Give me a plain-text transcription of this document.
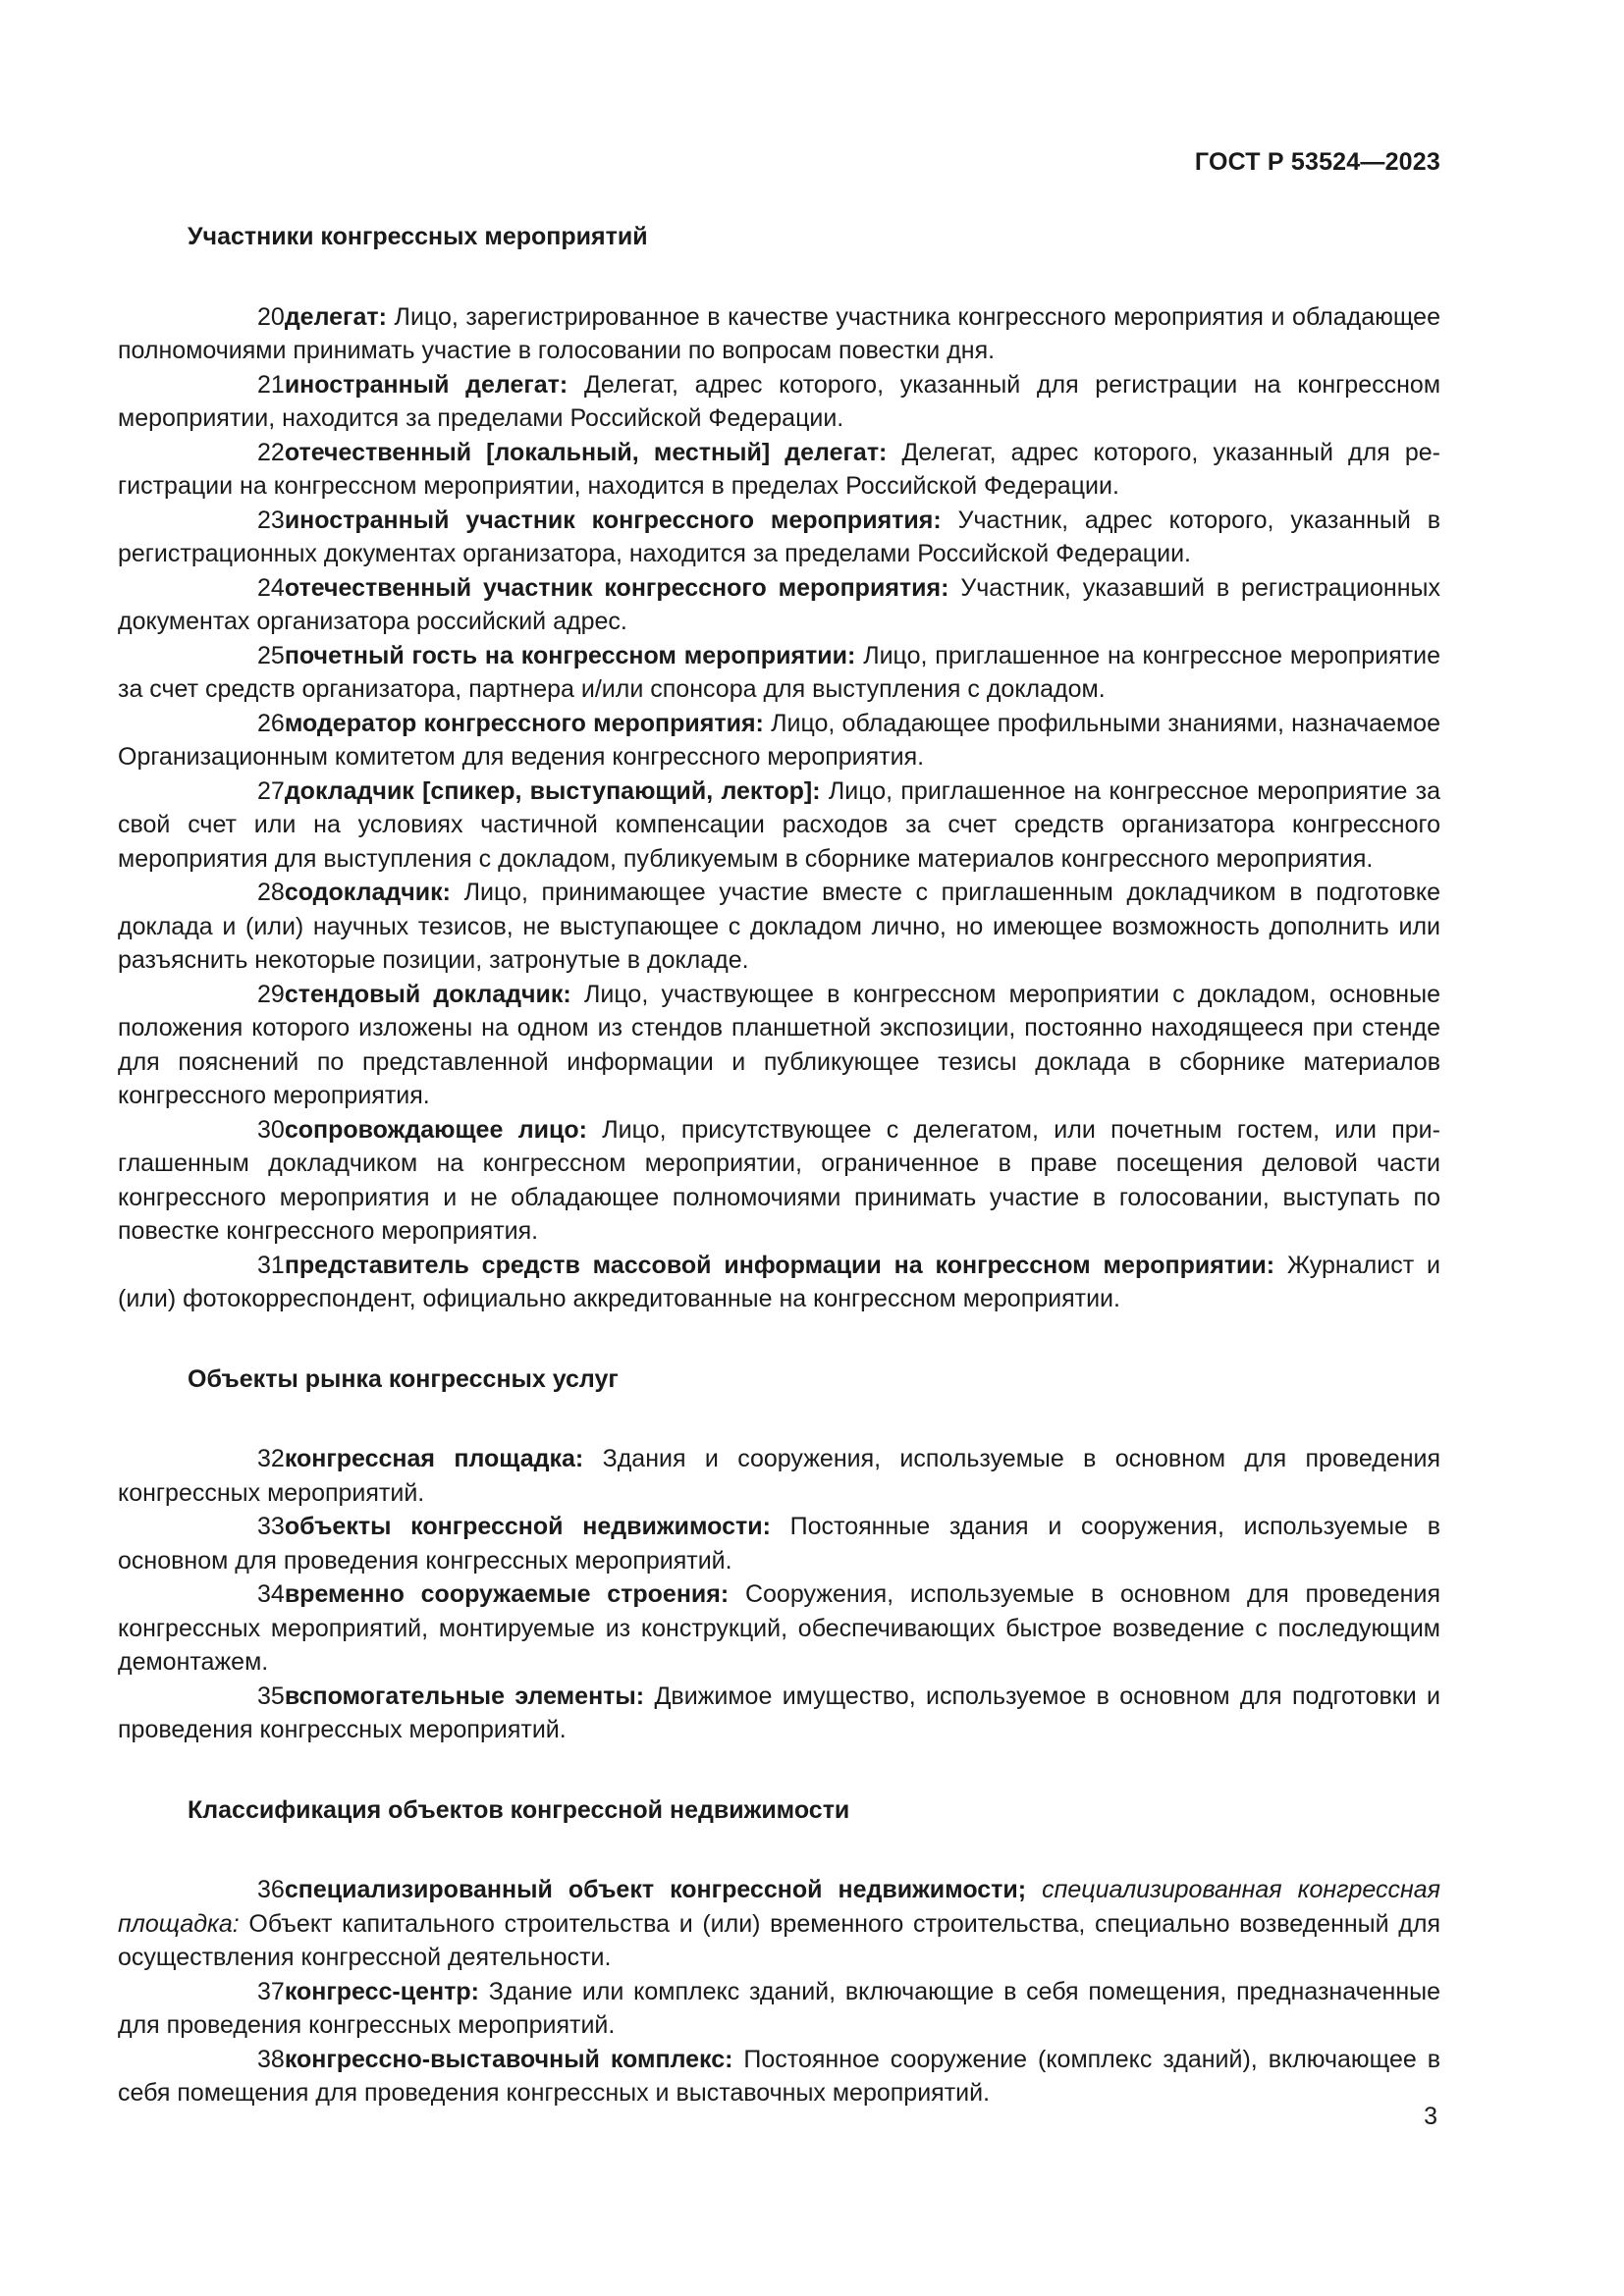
ГОСТ Р 53524—2023
Участники конгрессных мероприятий

20делегат: Лицо, зарегистрированное в качестве участника конгрессного мероприятия и обладающее полномочиями принимать участие в голосовании по вопросам повестки дня.

21иностранный делегат: Делегат, адрес которого, указанный для регистрации на конгрессном мероприятии, находится за пределами Российской Федерации.

22отечественный [локальный, местный] делегат: Делегат, адрес которого, указанный для регистрации на конгрессном мероприятии, находится в пределах Российской Федерации.

23иностранный участник конгрессного мероприятия: Участник, адрес которого, указанный в регистрационных документах организатора, находится за пределами Российской Федерации.

24отечественный участник конгрессного мероприятия: Участник, указавший в регистрационных документах организатора российский адрес.

25почетный гость на конгрессном мероприятии: Лицо, приглашенное на конгрессное мероприятие за счет средств организатора, партнера и/или спонсора для выступления с докладом.

26модератор конгрессного мероприятия: Лицо, обладающее профильными знаниями, назначаемое Организационным комитетом для ведения конгрессного мероприятия.

27докладчик [спикер, выступающий, лектор]: Лицо, приглашенное на конгрессное мероприятие за свой счет или на условиях частичной компенсации расходов за счет средств организатора конгрессного мероприятия для выступления с докладом, публикуемым в сборнике материалов конгрессного мероприятия.

28содокладчик: Лицо, принимающее участие вместе с приглашенным докладчиком в подготовке доклада и (или) научных тезисов, не выступающее с докладом лично, но имеющее возможность дополнить или разъяснить некоторые позиции, затронутые в докладе.

29стендовый докладчик: Лицо, участвующее в конгрессном мероприятии с докладом, основные положения которого изложены на одном из стендов планшетной экспозиции, постоянно находящееся при стенде для пояснений по представленной информации и публикующее тезисы доклада в сборнике материалов конгрессного мероприятия.

30сопровождающее лицо: Лицо, присутствующее с делегатом, или почетным гостем, или приглашенным докладчиком на конгрессном мероприятии, ограниченное в праве посещения деловой части конгрессного мероприятия и не обладающее полномочиями принимать участие в голосовании, выступать по повестке конгрессного мероприятия.

31представитель средств массовой информации на конгрессном мероприятии: Журналист и (или) фотокорреспондент, официально аккредитованные на конгрессном мероприятии.

Объекты рынка конгрессных услуг

32конгрессная площадка: Здания и сооружения, используемые в основном для проведения конгрессных мероприятий.

33объекты конгрессной недвижимости: Постоянные здания и сооружения, используемые в основном для проведения конгрессных мероприятий.

34временно сооружаемые строения: Сооружения, используемые в основном для проведения конгрессных мероприятий, монтируемые из конструкций, обеспечивающих быстрое возведение с последующим демонтажем.

35вспомогательные элементы: Движимое имущество, используемое в основном для подготовки и проведения конгрессных мероприятий.

Классификация объектов конгрессной недвижимости

36специализированный объект конгрессной недвижимости; специализированная конгрессная площадка: Объект капитального строительства и (или) временного строительства, специально возведенный для осуществления конгрессной деятельности.

37конгресс-центр: Здание или комплекс зданий, включающие в себя помещения, предназначенные для проведения конгрессных мероприятий.

38конгрессно-выставочный комплекс: Постоянное сооружение (комплекс зданий), включающее в себя помещения для проведения конгрессных и выставочных мероприятий.

3
